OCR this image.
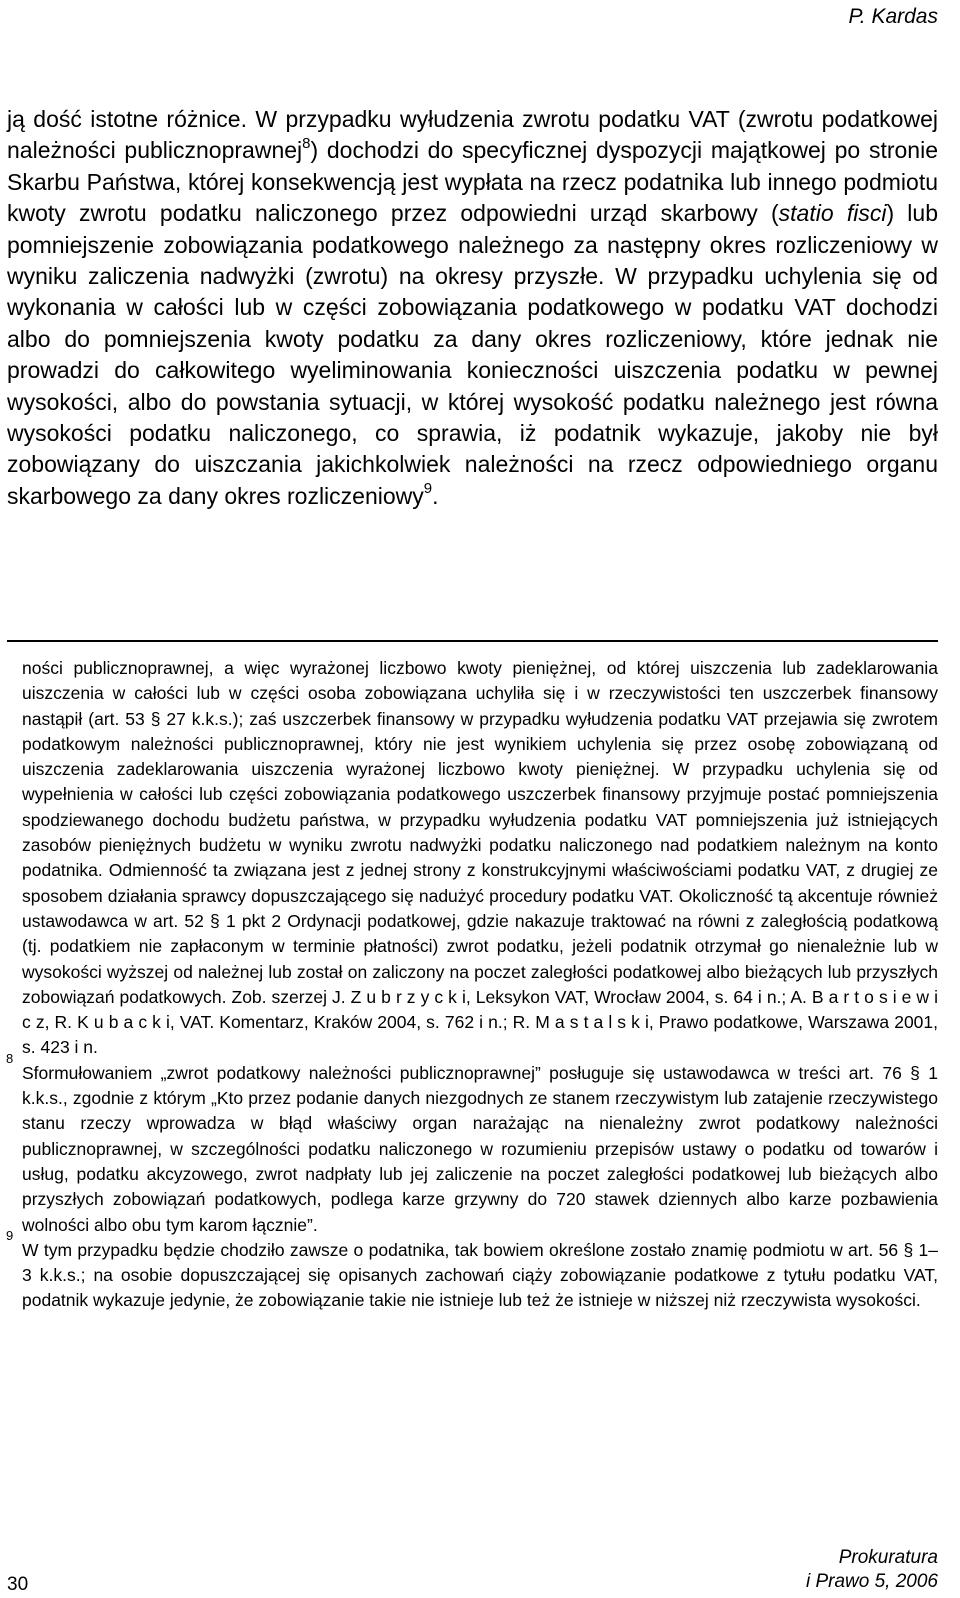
P. Kardas

ją dość istotne różnice. W przypadku wyłudzenia zwrotu podatku VAT (zwrotu podatkowej należności publicznoprawnej$^8$) dochodzi do specyficznej dyspozycji majątkowej po stronie Skarbu Państwa, której konsekwencją jest wypłata na rzecz podatnika lub innego podmiotu kwoty zwrotu podatku naliczonego przez odpowiedni urząd skarbowy (statio fisci) lub pomniejszenie zobowiązania podatkowego należnego za następny okres rozliczeniowy w wyniku zaliczenia nadwyżki (zwrotu) na okresy przyszłe. W przypadku uchylenia się od wykonania w całości lub w części zobowiązania podatkowego w podatku VAT dochodzi albo do pomniejszenia kwoty podatku za dany okres rozliczeniowy, które jednak nie prowadzi do całkowitego wyeliminowania konieczności uiszczenia podatku w pewnej wysokości, albo do powstania sytuacji, w której wysokość podatku należnego jest równa wysokości podatku naliczonego, co sprawia, iż podatnik wykazuje, jakoby nie był zobowiązany do uiszczania jakichkolwiek należności na rzecz odpowiedniego organu skarbowego za dany okres rozliczeniowy$^9$.

ności publicznoprawnej, a więc wyrażonej liczbowo kwoty pieniężnej, od której uiszczenia lub zadeklarowania uiszczenia w całości lub w części osoba zobowiązana uchyliła się i w rzeczywistości ten uszczerbek finansowy nastąpił (art. 53 § 27 k.k.s.); zaś uszczerbek finansowy w przypadku wyłudzenia podatku VAT przejawia się zwrotem podatkowym należności publicznoprawnej, który nie jest wynikiem uchylenia się przez osobę zobowiązaną od uiszczenia zadeklarowania uiszczenia wyrażonej liczbowo kwoty pieniężnej. W przypadku uchylenia się od wypełnienia w całości lub części zobowiązania podatkowego uszczerbek finansowy przyjmuje postać pomniejszenia spodziewanego dochodu budżetu państwa, w przypadku wyłudzenia podatku VAT pomniejszenia już istniejących zasobów pieniężnych budżetu w wyniku zwrotu nadwyżki podatku naliczonego nad podatkiem należnym na konto podatnika. Odmienność ta związana jest z jednej strony z konstrukcyjnymi właściwościami podatku VAT, z drugiej ze sposobem działania sprawcy dopuszczającego się nadużyć procedury podatku VAT. Okoliczność tą akcentuje również ustawodawca w art. 52 § 1 pkt 2 Ordynacji podatkowej, gdzie nakazuje traktować na równi z zaległością podatkową (tj. podatkiem nie zapłaconym w terminie płatności) zwrot podatku, jeżeli podatnik otrzymał go nienależnie lub w wysokości wyższej od należnej lub został on zaliczony na poczet zaległości podatkowej albo bieżących lub przyszłych zobowiązań podatkowych. Zob. szerzej J. Z u b r z y c k i, Leksykon VAT, Wrocław 2004, s. 64 i n.; A. B a r t o s i e w i c z, R. K u b a c k i, VAT. Komentarz, Kraków 2004, s. 762 i n.; R. M a s t a l s k i, Prawo podatkowe, Warszawa 2001, s. 423 i n.

8
Sformułowaniem „zwrot podatkowy należności publicznoprawnej” posługuje się ustawodawca w treści art. 76 § 1 k.k.s., zgodnie z którym „Kto przez podanie danych niezgodnych ze stanem rzeczywistym lub zatajenie rzeczywistego stanu rzeczy wprowadza w błąd właściwy organ narażając na nienależny zwrot podatkowy należności publicznoprawnej, w szczególności podatku naliczonego w rozumieniu przepisów ustawy o podatku od towarów i usług, podatku akcyzowego, zwrot nadpłaty lub jej zaliczenie na poczet zaległości podatkowej lub bieżących albo przyszłych zobowiązań podatkowych, podlega karze grzywny do 720 stawek dziennych albo karze pozbawienia wolności albo obu tym karom łącznie”.

9
W tym przypadku będzie chodziło zawsze o podatnika, tak bowiem określone zostało znamię podmiotu w art. 56 § 1–3 k.k.s.; na osobie dopuszczającej się opisanych zachowań ciąży zobowiązanie podatkowe z tytułu podatku VAT, podatnik wykazuje jedynie, że zobowiązanie takie nie istnieje lub też że istnieje w niższej niż rzeczywista wysokości.

30
Prokuratura
i Prawo 5, 2006
